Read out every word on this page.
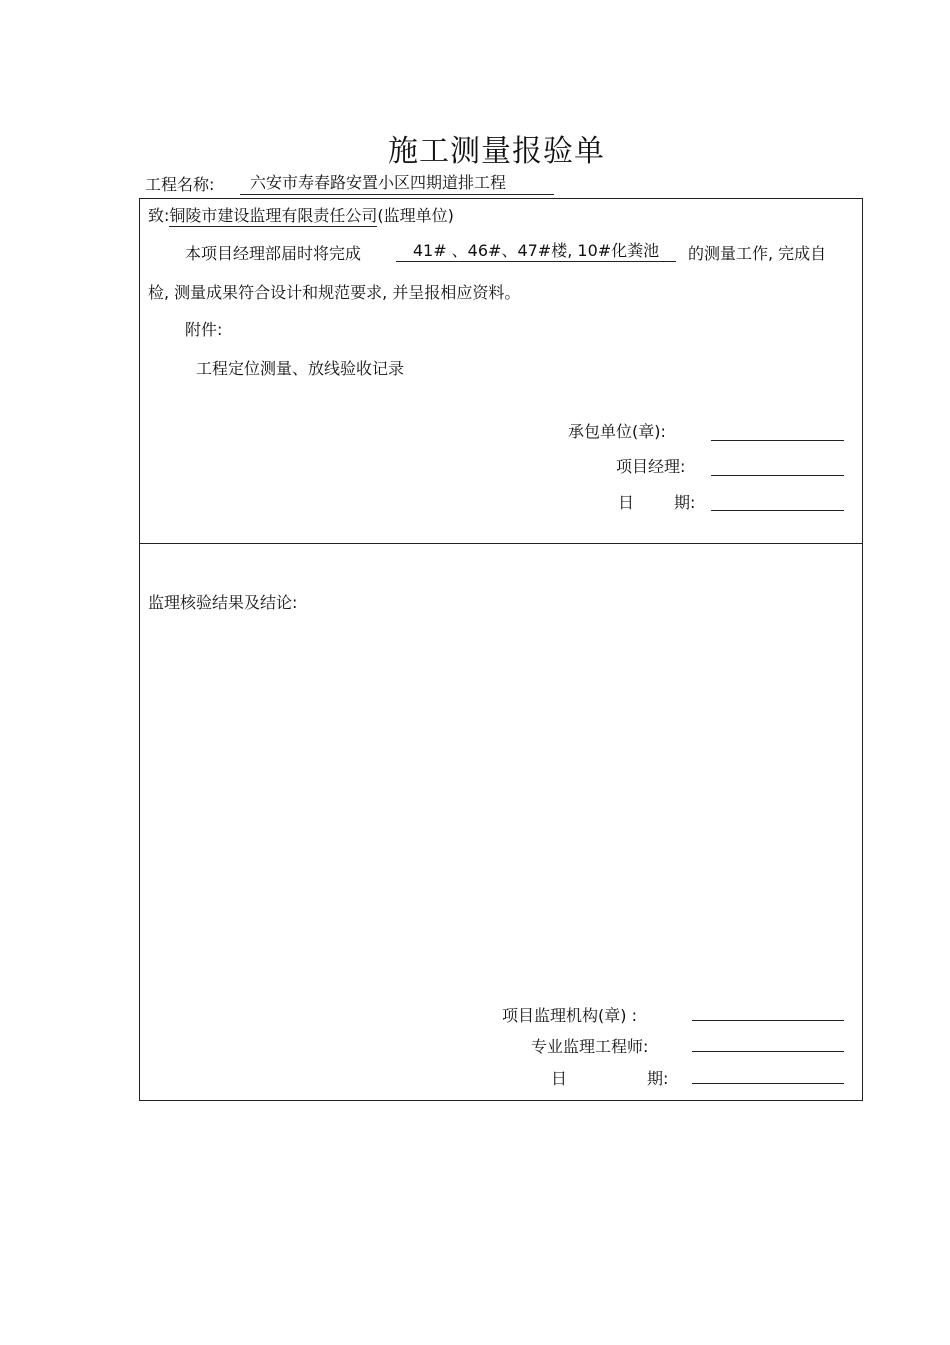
施工测量报验单
工程名称:	六安市寿春路安置小区四期道排工程
致:铜陵市建设监理有限责任公司(监理单位)
本项目经理部届时将完成	41# 、46#、47#楼, 10#化粪池	的测量工作, 完成自
检, 测量成果符合设计和规范要求, 并呈报相应资料。
附件:
工程定位测量、放线验收记录
承包单位(章):
项目经理:
日 期:
监理核验结果及结论:
项目监理机构(章) :
专业监理工程师:
日	期:
